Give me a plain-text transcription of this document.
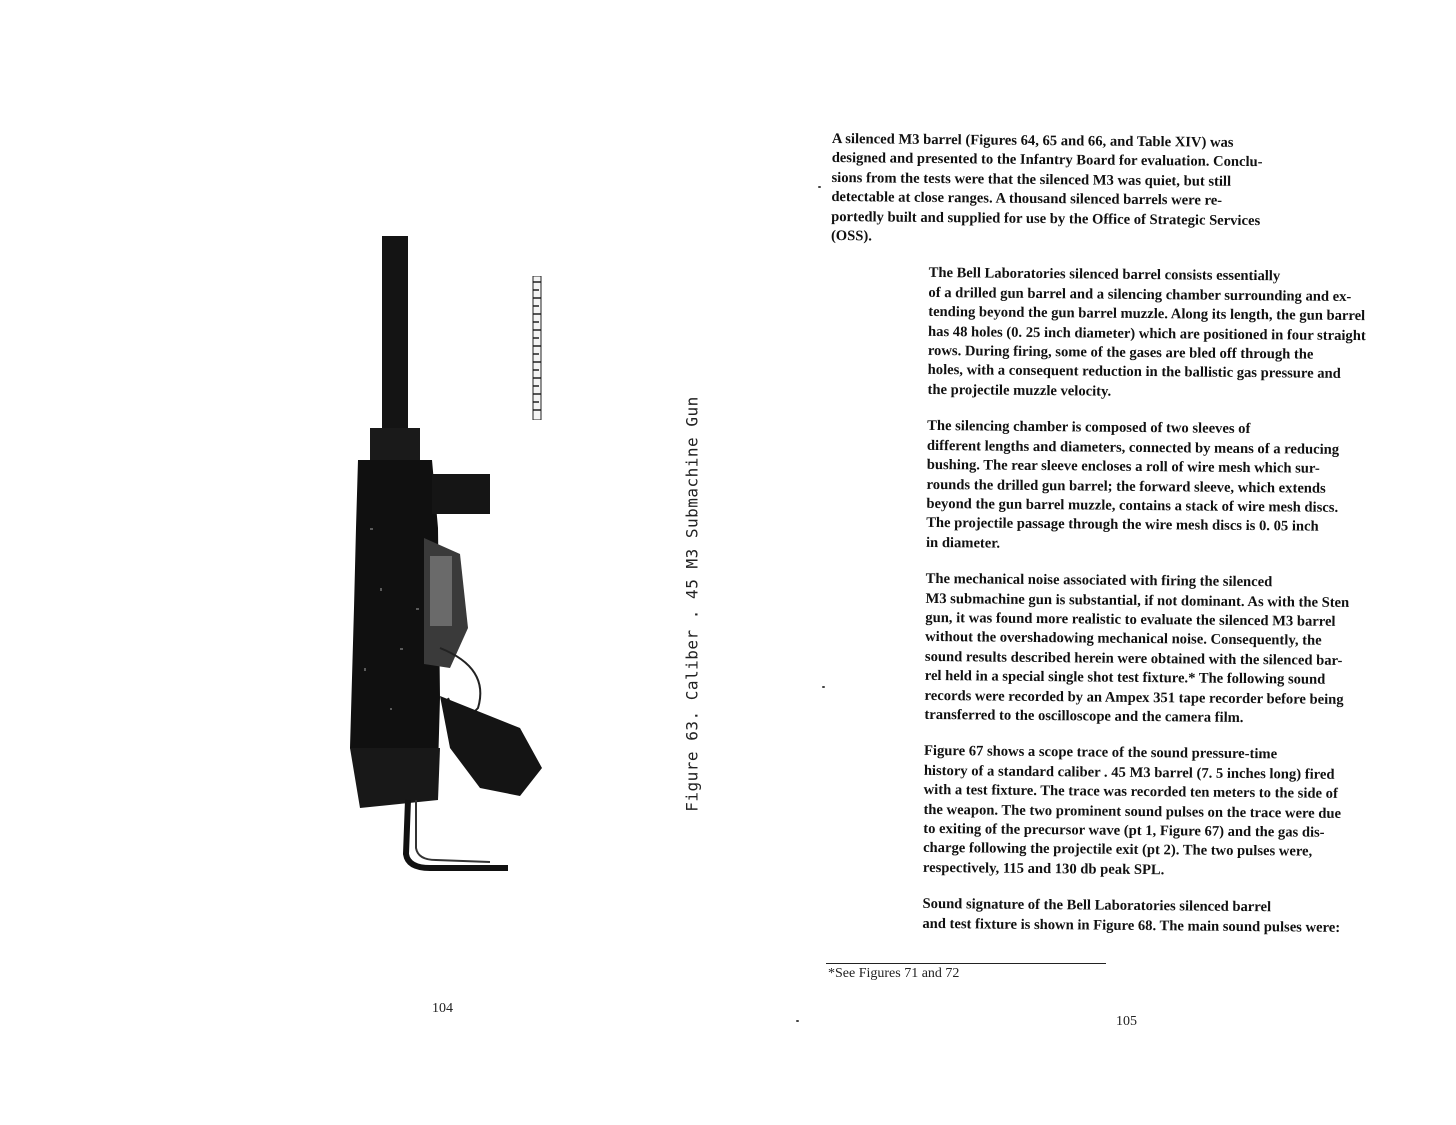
Figure 63. Caliber . 45 M3 Submachine Gun
104
A silenced M3 barrel (Figures 64, 65 and 66, and Table XIV) was
designed and presented to the Infantry Board for evaluation. Conclu-
sions from the tests were that the silenced M3 was quiet, but still
detectable at close ranges. A thousand silenced barrels were re-
portedly built and supplied for use by the Office of Strategic Services
(OSS).
The Bell Laboratories silenced barrel consists essentially
of a drilled gun barrel and a silencing chamber surrounding and ex-
tending beyond the gun barrel muzzle. Along its length, the gun barrel
has 48 holes (0. 25 inch diameter) which are positioned in four straight
rows. During firing, some of the gases are bled off through the
holes, with a consequent reduction in the ballistic gas pressure and
the projectile muzzle velocity.
The silencing chamber is composed of two sleeves of
different lengths and diameters, connected by means of a reducing
bushing. The rear sleeve encloses a roll of wire mesh which sur-
rounds the drilled gun barrel; the forward sleeve, which extends
beyond the gun barrel muzzle, contains a stack of wire mesh discs.
The projectile passage through the wire mesh discs is 0. 05 inch
in diameter.
The mechanical noise associated with firing the silenced
M3 submachine gun is substantial, if not dominant. As with the Sten
gun, it was found more realistic to evaluate the silenced M3 barrel
without the overshadowing mechanical noise. Consequently, the
sound results described herein were obtained with the silenced bar-
rel held in a special single shot test fixture.* The following sound
records were recorded by an Ampex 351 tape recorder before being
transferred to the oscilloscope and the camera film.
Figure 67 shows a scope trace of the sound pressure-time
history of a standard caliber . 45 M3 barrel (7. 5 inches long) fired
with a test fixture. The trace was recorded ten meters to the side of
the weapon. The two prominent sound pulses on the trace were due
to exiting of the precursor wave (pt 1, Figure 67) and the gas dis-
charge following the projectile exit (pt 2). The two pulses were,
respectively, 115 and 130 db peak SPL.
Sound signature of the Bell Laboratories silenced barrel
and test fixture is shown in Figure 68. The main sound pulses were:
*See Figures 71 and 72
105
